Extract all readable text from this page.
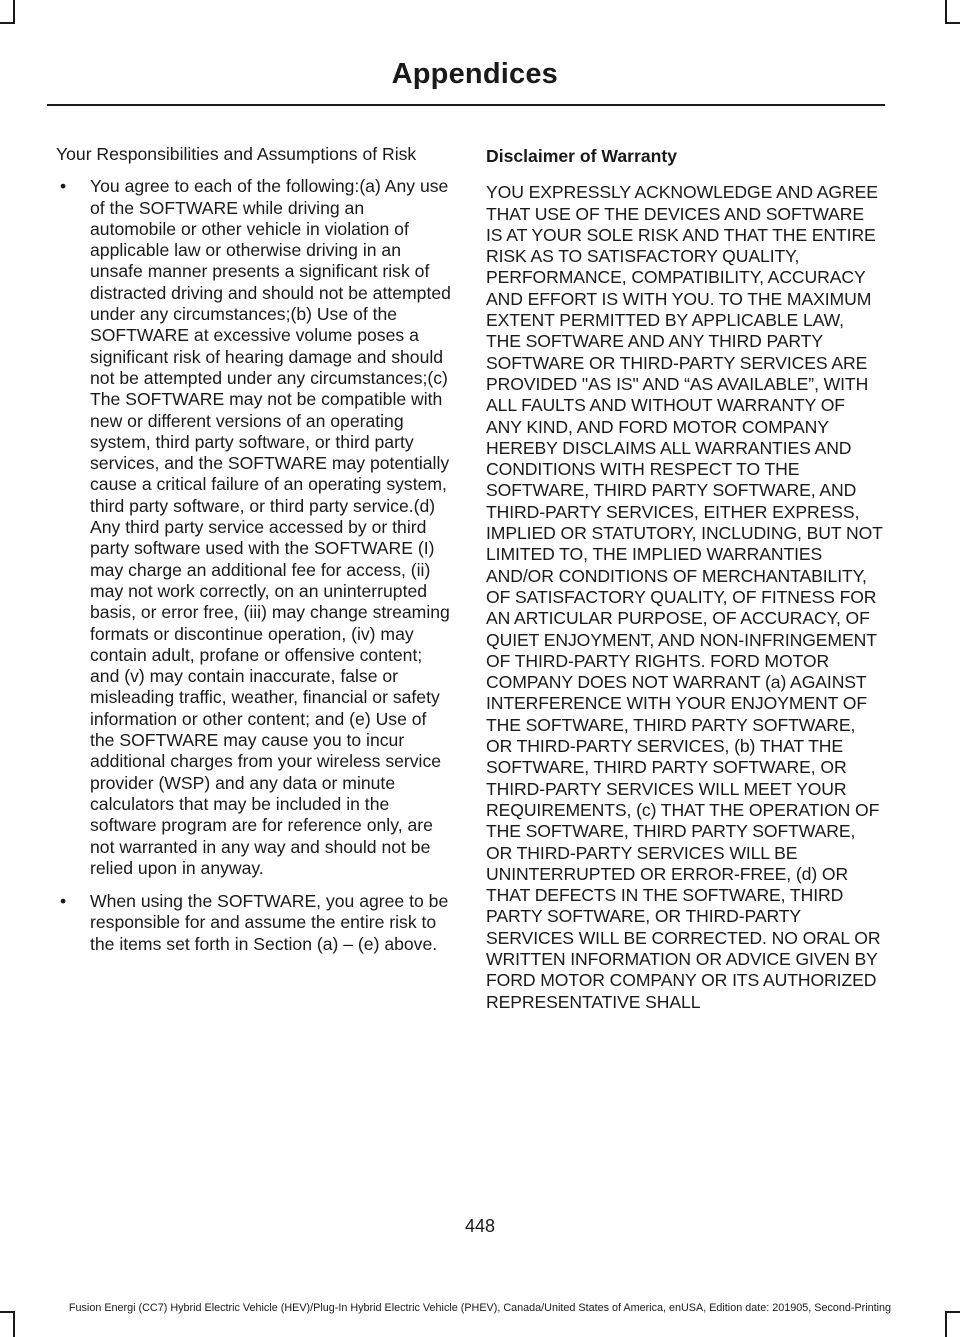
Appendices

Your Responsibilities and Assumptions of Risk

• You agree to each of the following:(a) Any use of the SOFTWARE while driving an automobile or other vehicle in violation of applicable law or otherwise driving in an unsafe manner presents a significant risk of distracted driving and should not be attempted under any circumstances;(b) Use of the SOFTWARE at excessive volume poses a significant risk of hearing damage and should not be attempted under any circumstances;(c) The SOFTWARE may not be compatible with new or different versions of an operating system, third party software, or third party services, and the SOFTWARE may potentially cause a critical failure of an operating system, third party software, or third party service.(d) Any third party service accessed by or third party software used with the SOFTWARE (I) may charge an additional fee for access, (ii) may not work correctly, on an uninterrupted basis, or error free, (iii) may change streaming formats or discontinue operation, (iv) may contain adult, profane or offensive content; and (v) may contain inaccurate, false or misleading traffic, weather, financial or safety information or other content; and (e) Use of the SOFTWARE may cause you to incur additional charges from your wireless service provider (WSP) and any data or minute calculators that may be included in the software program are for reference only, are not warranted in any way and should not be relied upon in anyway.
• When using the SOFTWARE, you agree to be responsible for and assume the entire risk to the items set forth in Section (a) – (e) above.

Disclaimer of Warranty

YOU EXPRESSLY ACKNOWLEDGE AND AGREE THAT USE OF THE DEVICES AND SOFTWARE IS AT YOUR SOLE RISK AND THAT THE ENTIRE RISK AS TO SATISFACTORY QUALITY, PERFORMANCE, COMPATIBILITY, ACCURACY AND EFFORT IS WITH YOU. TO THE MAXIMUM EXTENT PERMITTED BY APPLICABLE LAW, THE SOFTWARE AND ANY THIRD PARTY SOFTWARE OR THIRD-PARTY SERVICES ARE PROVIDED "AS IS" AND “AS AVAILABLE”, WITH ALL FAULTS AND WITHOUT WARRANTY OF ANY KIND, AND FORD MOTOR COMPANY HEREBY DISCLAIMS ALL WARRANTIES AND CONDITIONS WITH RESPECT TO THE SOFTWARE, THIRD PARTY SOFTWARE, AND THIRD-PARTY SERVICES, EITHER EXPRESS, IMPLIED OR STATUTORY, INCLUDING, BUT NOT LIMITED TO, THE IMPLIED WARRANTIES AND/OR CONDITIONS OF MERCHANTABILITY, OF SATISFACTORY QUALITY, OF FITNESS FOR AN ARTICULAR PURPOSE, OF ACCURACY, OF QUIET ENJOYMENT, AND NON-INFRINGEMENT OF THIRD-PARTY RIGHTS. FORD MOTOR COMPANY DOES NOT WARRANT (a) AGAINST INTERFERENCE WITH YOUR ENJOYMENT OF THE SOFTWARE, THIRD PARTY SOFTWARE, OR THIRD-PARTY SERVICES, (b) THAT THE SOFTWARE, THIRD PARTY SOFTWARE, OR THIRD-PARTY SERVICES WILL MEET YOUR REQUIREMENTS, (c) THAT THE OPERATION OF THE SOFTWARE, THIRD PARTY SOFTWARE, OR THIRD-PARTY SERVICES WILL BE UNINTERRUPTED OR ERROR-FREE, (d) OR THAT DEFECTS IN THE SOFTWARE, THIRD PARTY SOFTWARE, OR THIRD-PARTY SERVICES WILL BE CORRECTED. NO ORAL OR WRITTEN INFORMATION OR ADVICE GIVEN BY FORD MOTOR COMPANY OR ITS AUTHORIZED REPRESENTATIVE SHALL

448

Fusion Energi (CC7) Hybrid Electric Vehicle (HEV)/Plug-In Hybrid Electric Vehicle (PHEV), Canada/United States of America, enUSA, Edition date: 201905, Second-Printing
